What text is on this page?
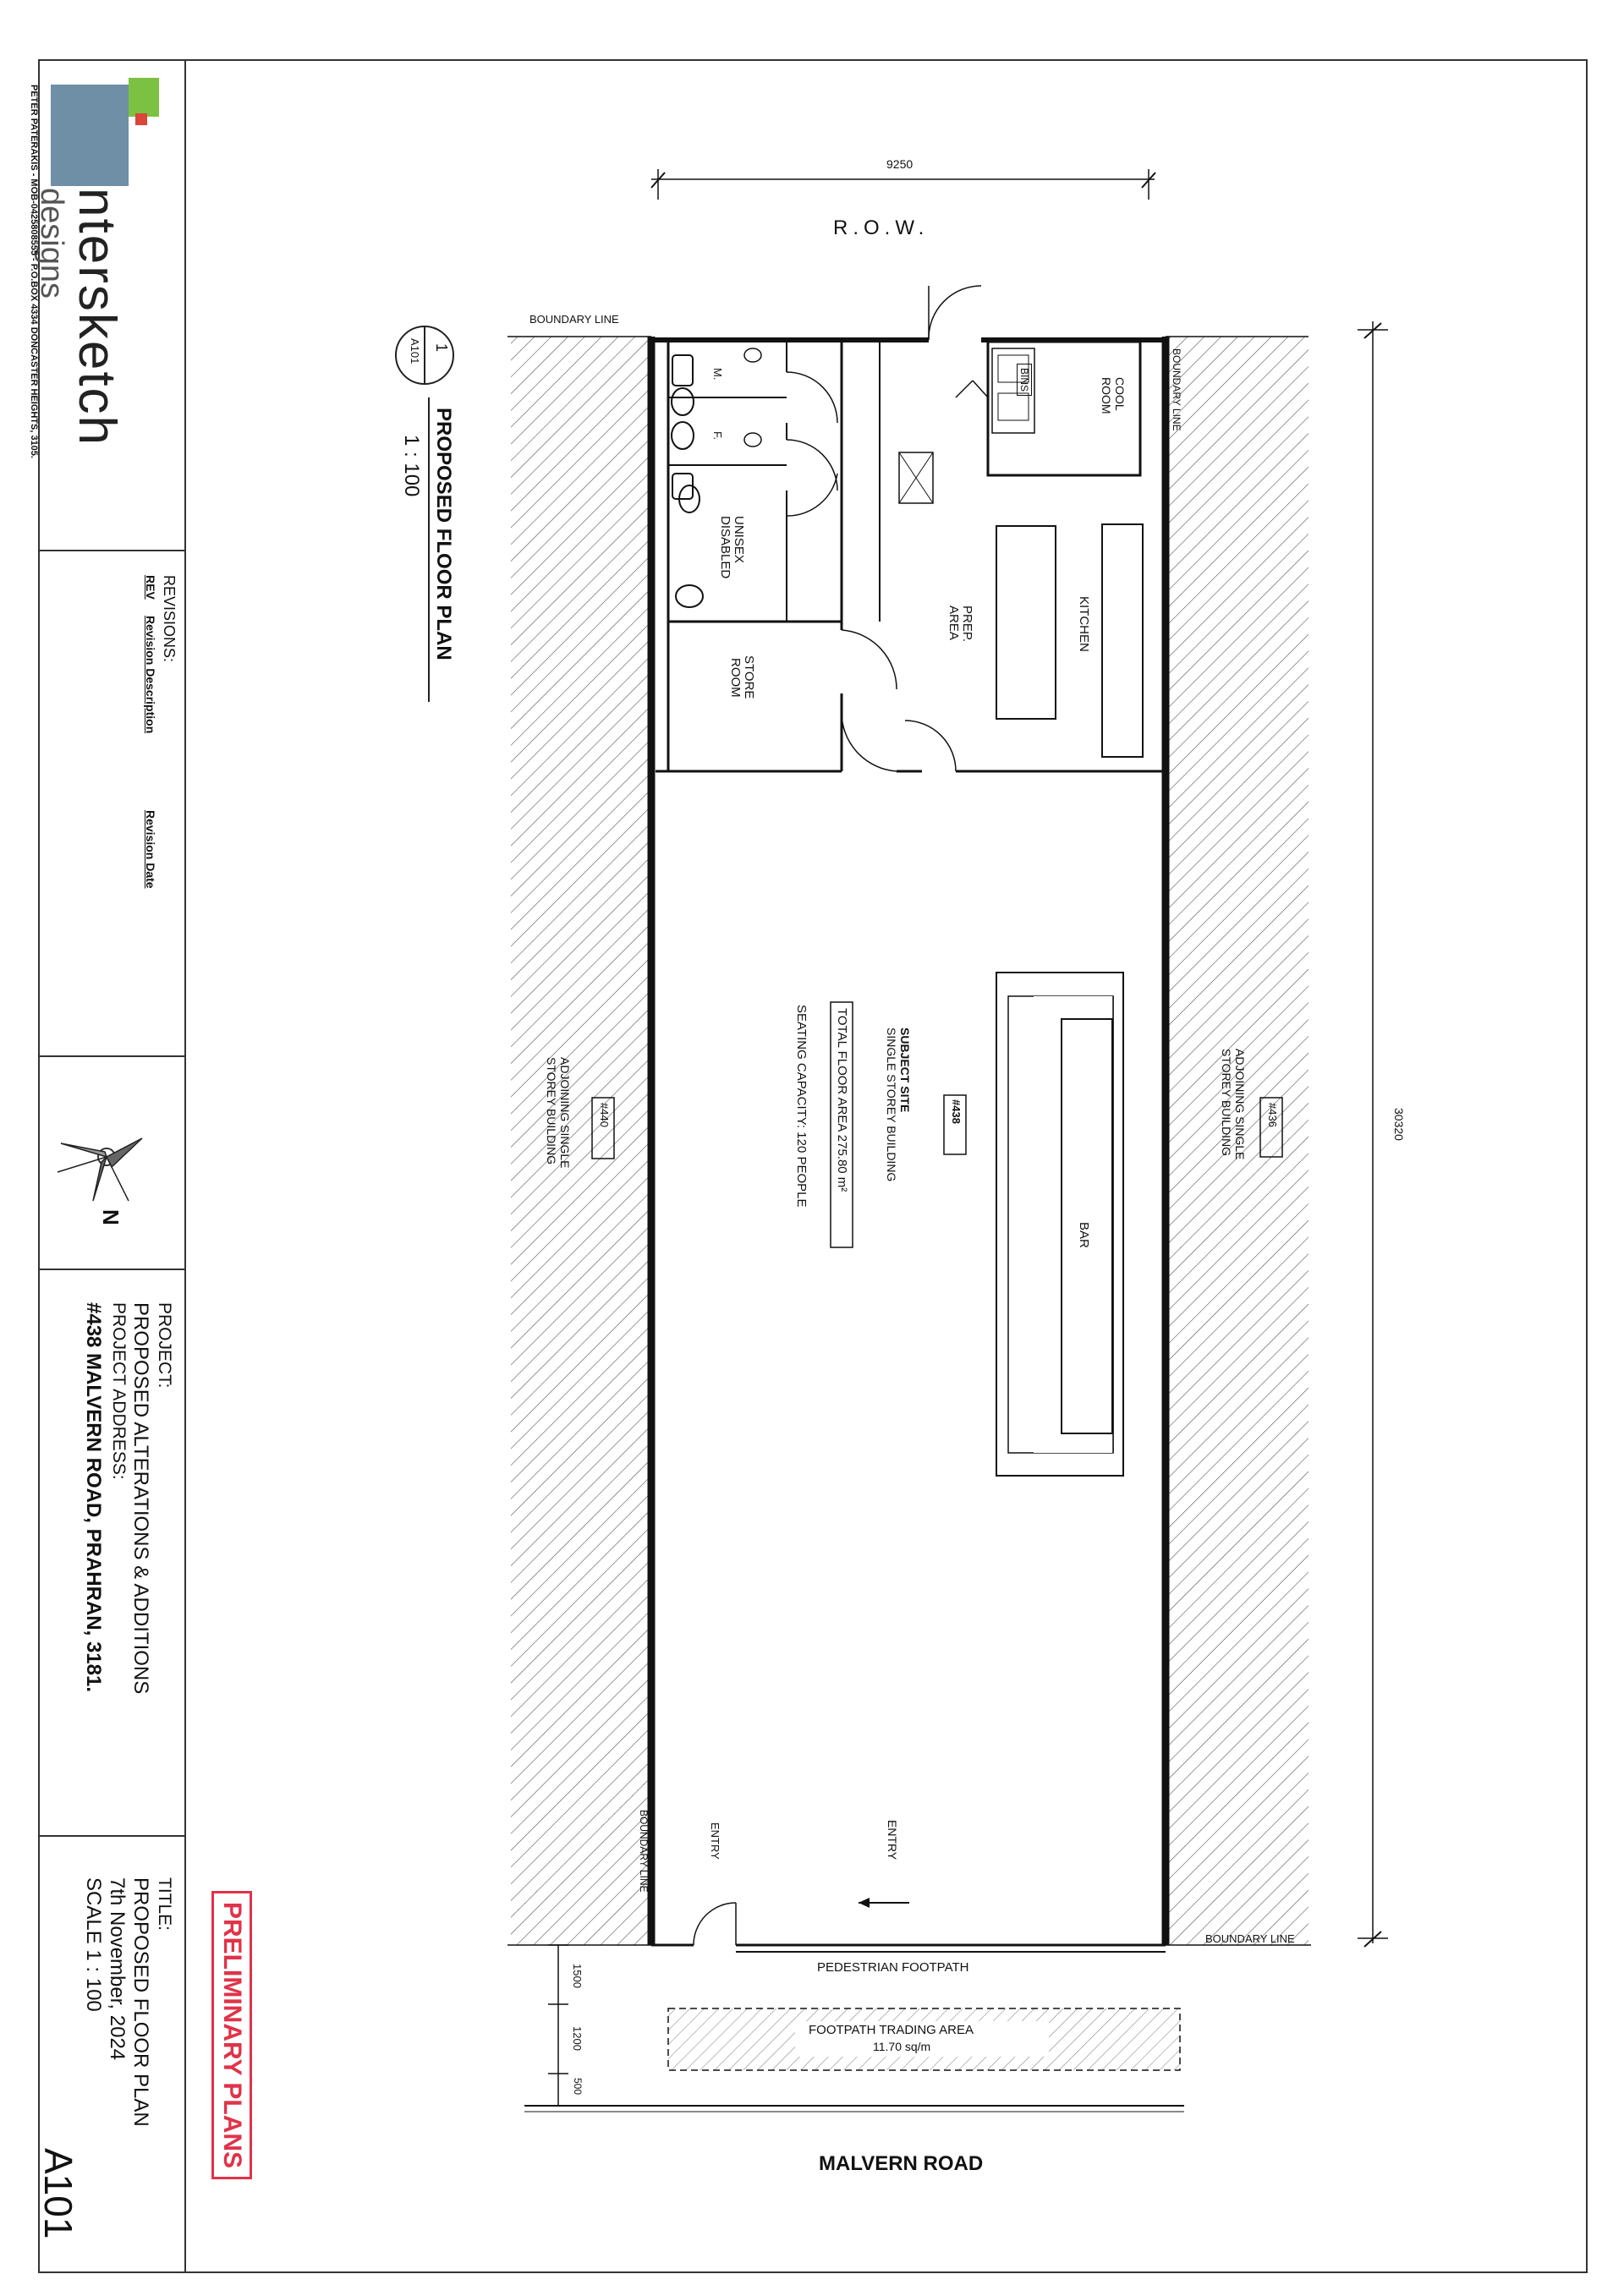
ntersketch
designs
PETER PATERAKIS - MOB-0425808555 - P.O.BOX 4334 DONCASTER HEIGHTS, 3105.
REVISIONS:
REV
Revision Description
Revision Date
N
PROJECT:
PROPOSED ALTERATIONS & ADDITIONS
PROJECT ADDRESS:
#438 MALVERN ROAD, PRAHRAN, 3181.
TITLE:
PROPOSED FLOOR PLAN
7th November, 2024
SCALE 1 : 100
A101
PRELIMINARY PLANS
1
A101
PROPOSED FLOOR PLAN
1 : 100
R.O.W.
9250
30320
BOUNDARY LINE
BOUNDARY LINE
BOUNDARY LINE
BOUNDARY LINE
M.
F.
UNISEX
DISABLED
STORE
ROOM
COOL
ROOM
BINS
PREP.
AREA	KITCHEN
BAR
#438
SUBJECT SITE
SINGLE STOREY BUILDING
TOTAL FLOOR AREA 275.80 m²
SEATING CAPACITY: 120 PEOPLE
#440
ADJOINING SINGLE
STOREY BUILDING	#436
ADJOINING SINGLE
STOREY BUILDING
ENTRY
ENTRY
PEDESTRIAN FOOTPATH
FOOTPATH TRADING AREA
11.70 sq/m
1500
1200
500
MALVERN ROAD
